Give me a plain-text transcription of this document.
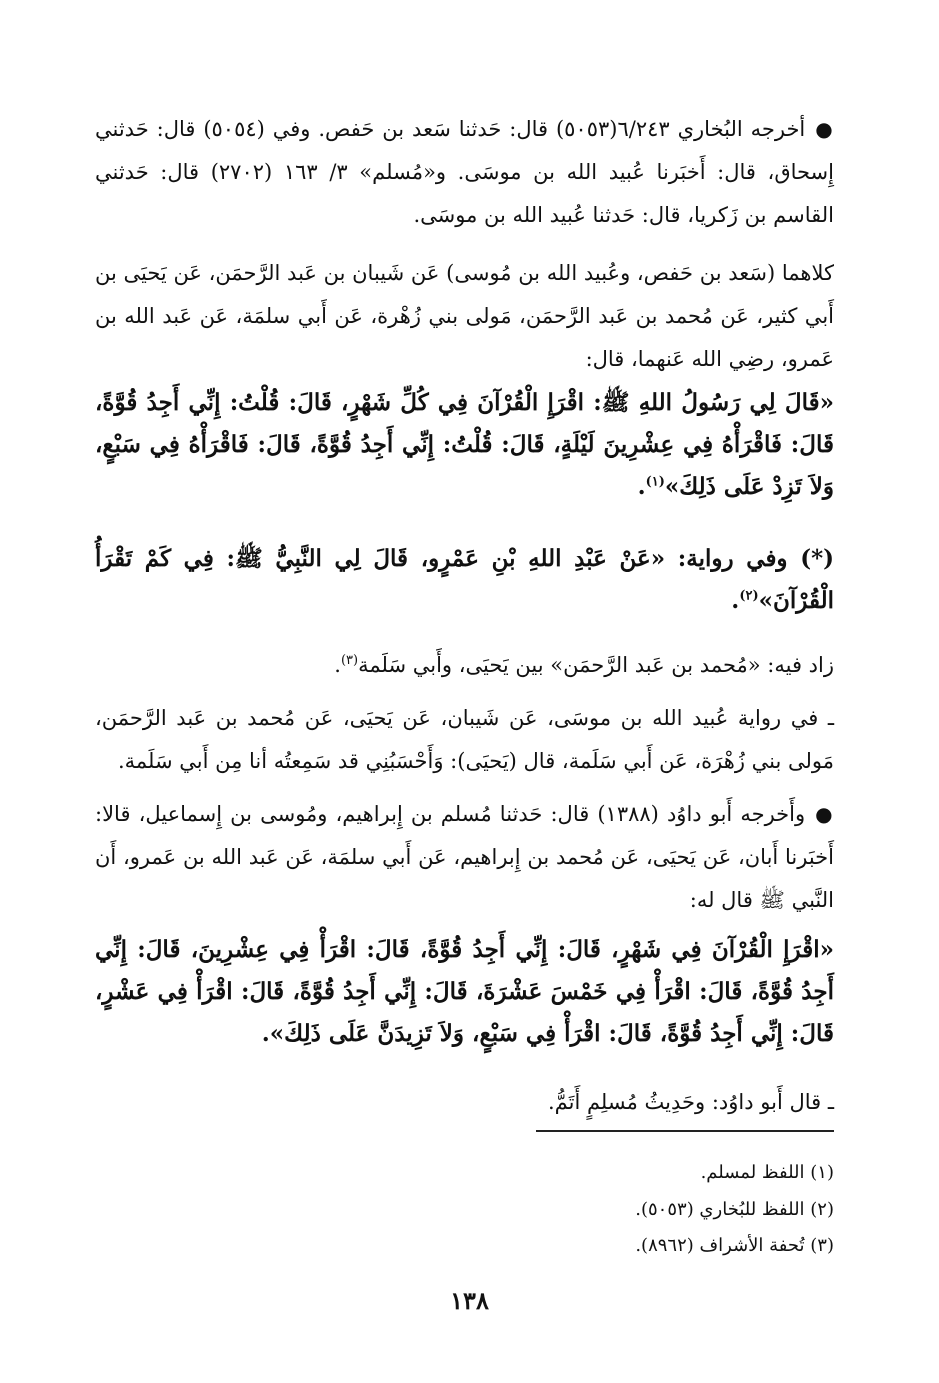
●أخرجه البُخاري ٦/٢٤٣(٥٠٥٣) قال: حَدثنا سَعد بن حَفص. وفي (٥٠٥٤) قال: حَدثني إِسحاق، قال: أَخبَرنا عُبيد الله بن موسَى. و«مُسلم» ٣/ ١٦٣ (٢٧٠٢) قال: حَدثني القاسم بن زَكريا، قال: حَدثنا عُبيد الله بن موسَى.

كلاهما (سَعد بن حَفص، وعُبيد الله بن مُوسى) عَن شَيبان بن عَبد الرَّحمَن، عَن يَحيَى بن أَبي كثير، عَن مُحمد بن عَبد الرَّحمَن، مَولى بني زُهْرة، عَن أَبي سلمَة، عَن عَبد الله بن عَمرو، رضِي الله عَنهما، قال:

«قَالَ لِي رَسُولُ اللهِ ﷺ: اقْرَإِ الْقُرْآنَ فِي كُلِّ شَهْرٍ، قَالَ: قُلْتُ: إِنِّي أَجِدُ قُوَّةً، قَالَ: فَاقْرَأْهُ فِي عِشْرِينَ لَيْلَةٍ، قَالَ: قُلْتُ: إِنِّي أَجِدُ قُوَّةً، قَالَ: فَاقْرَأْهُ فِي سَبْعٍ، وَلاَ تَزِدْ عَلَى ذَلِكَ»$^{(١)}$.

(*) وفي رواية: «عَنْ عَبْدِ اللهِ بْنِ عَمْرٍو، قَالَ لِي النَّبِيُّ ﷺ: فِي كَمْ تَقْرَأُ الْقُرْآنَ»$^{(٢)}$.

زاد فيه: «مُحمد بن عَبد الرَّحمَن» بين يَحيَى، وأَبي سَلَمة$^{(٣)}$.

ـ في رواية عُبيد الله بن موسَى، عَن شَيبان، عَن يَحيَى، عَن مُحمد بن عَبد الرَّحمَن، مَولى بني زُهْرَة، عَن أَبي سَلَمة، قال (يَحيَى): وَأَحْسَبُنِي قد سَمِعتُه أنا مِن أَبي سَلَمة.

●وأَخرجه أَبو داوُد (١٣٨٨) قال: حَدثنا مُسلم بن إِبراهيم، ومُوسى بن إِسماعيل، قالا: أَخبَرنا أَبان، عَن يَحيَى، عَن مُحمد بن إِبراهيم، عَن أَبي سلمَة، عَن عَبد الله بن عَمرو، أَن النَّبي ﷺ قال له:

«اقْرَإِ الْقُرْآنَ فِي شَهْرٍ، قَالَ: إِنِّي أَجِدُ قُوَّةً، قَالَ: اقْرَأْ فِي عِشْرِينَ، قَالَ: إِنِّي أَجِدُ قُوَّةً، قَالَ: اقْرَأْ فِي خَمْسَ عَشْرَةَ، قَالَ: إِنِّي أَجِدُ قُوَّةً، قَالَ: اقْرَأْ فِي عَشْرٍ، قَالَ: إِنِّي أَجِدُ قُوَّةً، قَالَ: اقْرَأْ فِي سَبْعٍ، وَلاَ تَزِيدَنَّ عَلَى ذَلِكَ».

ـ قال أَبو داوُد: وحَدِيثُ مُسلِمٍ أَتَمُّ.

(١) اللفظ لمسلم.

(٢) اللفظ للبُخاري (٥٠٥٣).

(٣) تُحفة الأشراف (٨٩٦٢).

١٣٨
